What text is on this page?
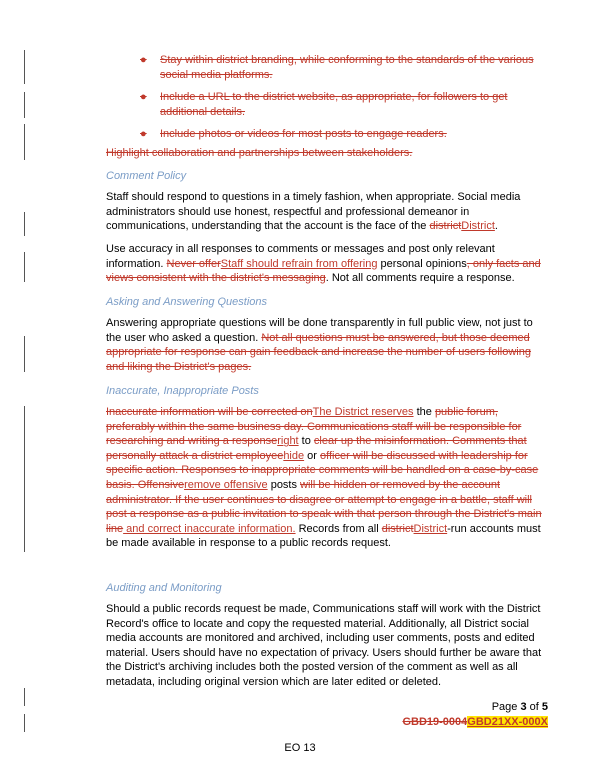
● Stay within district branding, while conforming to the standards of the various social media platforms.
● Include a URL to the district website, as appropriate, for followers to get additional details.
● Include photos or videos for most posts to engage readers.
Highlight collaboration and partnerships between stakeholders.
Comment Policy
Staff should respond to questions in a timely fashion, when appropriate. Social media administrators should use honest, respectful and professional demeanor in communications, understanding that the account is the face of the districtDistrict.
Use accuracy in all responses to comments or messages and post only relevant information. Never offerStaff should refrain from offering personal opinions, only facts and views consistent with the district's messaging. Not all comments require a response.
Asking and Answering Questions
Answering appropriate questions will be done transparently in full public view, not just to the user who asked a question. Not all questions must be answered, but those deemed appropriate for response can gain feedback and increase the number of users following and liking the District's pages.
Inaccurate, Inappropriate Posts
Inaccurate information will be corrected onThe District reserves the public forum, preferably within the same business day. Communications staff will be responsible for researching and writing a responseright to clear up the misinformation. Comments that personally attack a district employeehide or officer will be discussed with leadership for specific action. Responses to inappropriate comments will be handled on a case-by-case basis. Offensiveremove offensive posts will be hidden or removed by the account administrator. If the user continues to disagree or attempt to engage in a battle, staff will post a response as a public invitation to speak with that person through the District's main line and correct inaccurate information. Records from all districtDistrict-run accounts must be made available in response to a public records request.
Auditing and Monitoring
Should a public records request be made, Communications staff will work with the District Record's office to locate and copy the requested material. Additionally, all District social media accounts are monitored and archived, including user comments, posts and edited material. Users should have no expectation of privacy. Users should further be aware that the District's archiving includes both the posted version of the comment as well as all metadata, including original version which are later edited or deleted.
Page 3 of 5
GBD19-0004GBD21XX-000X
EO 13
